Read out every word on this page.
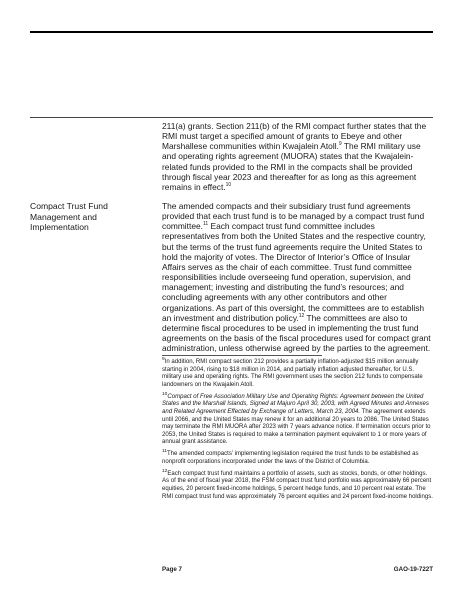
211(a) grants. Section 211(b) of the RMI compact further states that the RMI must target a specified amount of grants to Ebeye and other Marshallese communities within Kwajalein Atoll.$^9$ The RMI military use and operating rights agreement (MUORA) states that the Kwajalein-related funds provided to the RMI in the compacts shall be provided through fiscal year 2023 and thereafter for as long as this agreement remains in effect.$^{10}$
Compact Trust Fund Management and Implementation
The amended compacts and their subsidiary trust fund agreements provided that each trust fund is to be managed by a compact trust fund committee.$^{11}$ Each compact trust fund committee includes representatives from both the United States and the respective country, but the terms of the trust fund agreements require the United States to hold the majority of votes. The Director of Interior’s Office of Insular Affairs serves as the chair of each committee. Trust fund committee responsibilities include overseeing fund operation, supervision, and management; investing and distributing the fund’s resources; and concluding agreements with any other contributors and other organizations. As part of this oversight, the committees are to establish an investment and distribution policy.$^{12}$ The committees are also to determine fiscal procedures to be used in implementing the trust fund agreements on the basis of the fiscal procedures used for compact grant administration, unless otherwise agreed by the parties to the agreement.

$^9$In addition, RMI compact section 212 provides a partially inflation-adjusted $15 million annually starting in 2004, rising to $18 million in 2014, and partially inflation adjusted thereafter, for U.S. military use and operating rights. The RMI government uses the section 212 funds to compensate landowners on the Kwajalein Atoll.

$^{10}$Compact of Free Association Military Use and Operating Rights: Agreement between the United States and the Marshall Islands, Signed at Majuro April 30, 2003, with Agreed Minutes and Annexes and Related Agreement Effected by Exchange of Letters, March 23, 2004. The agreement extends until 2066, and the United States may renew it for an additional 20 years to 2086. The United States may terminate the RMI MUORA after 2023 with 7 years advance notice. If termination occurs prior to 2053, the United States is required to make a termination payment equivalent to 1 or more years of annual grant assistance.

$^{11}$The amended compacts’ implementing legislation required the trust funds to be established as nonprofit corporations incorporated under the laws of the District of Columbia.

$^{12}$Each compact trust fund maintains a portfolio of assets, such as stocks, bonds, or other holdings. As of the end of fiscal year 2018, the FSM compact trust fund portfolio was approximately 66 percent equities, 20 percent fixed-income holdings, 5 percent hedge funds, and 10 percent real estate. The RMI compact trust fund was approximately 76 percent equities and 24 percent fixed-income holdings.

Page 7	GAO-19-722T
